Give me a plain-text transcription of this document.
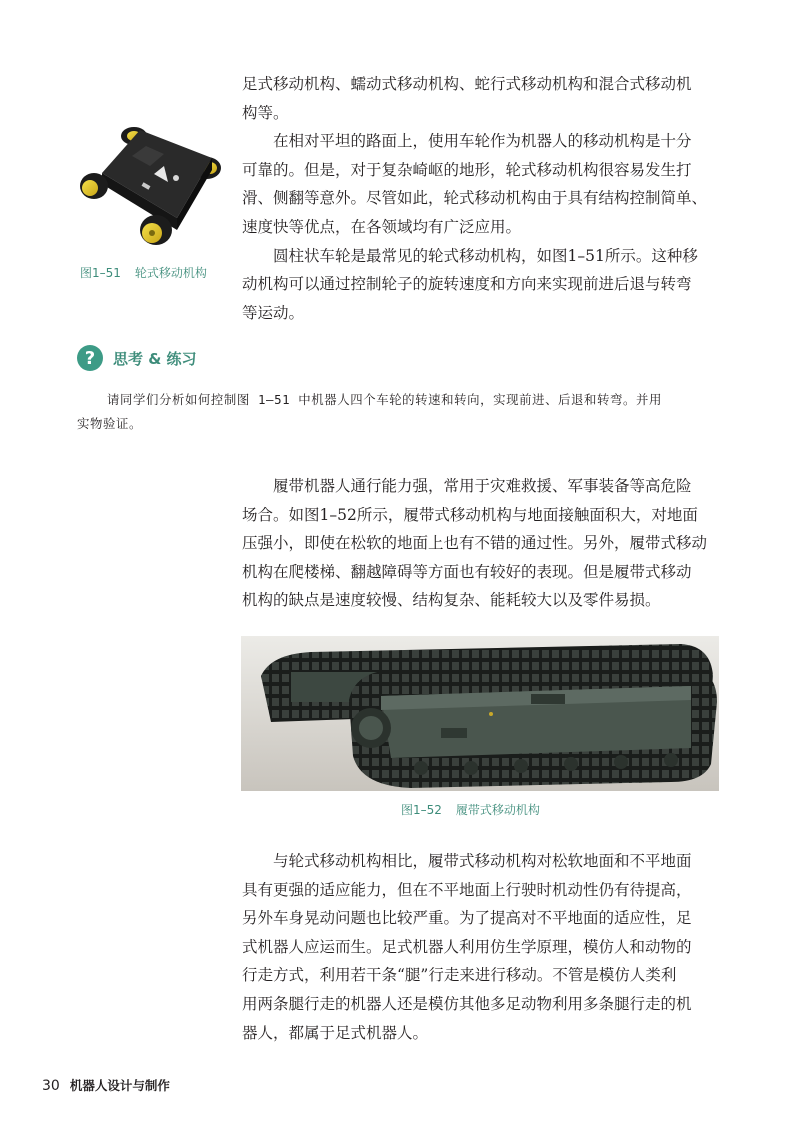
足式移动机构、蠕动式移动机构、蛇行式移动机构和混合式移动机
构等。
在相对平坦的路面上，使用车轮作为机器人的移动机构是十分
可靠的。但是，对于复杂崎岖的地形，轮式移动机构很容易发生打
滑、侧翻等意外。尽管如此，轮式移动机构由于具有结构控制简单、
速度快等优点，在各领域均有广泛应用。
圆柱状车轮是最常见的轮式移动机构，如图1–51所示。这种移
动机构可以通过控制轮子的旋转速度和方向来实现前进后退与转弯
等运动。
图1–51 轮式移动机构
?	思考 & 练习
请同学们分析如何控制图 1–51 中机器人四个车轮的转速和转向，实现前进、后退和转弯。并用
实物验证。
履带机器人通行能力强，常用于灾难救援、军事装备等高危险
场合。如图1–52所示，履带式移动机构与地面接触面积大，对地面
压强小，即使在松软的地面上也有不错的通过性。另外，履带式移动
机构在爬楼梯、翻越障碍等方面也有较好的表现。但是履带式移动
机构的缺点是速度较慢、结构复杂、能耗较大以及零件易损。
图1–52 履带式移动机构
与轮式移动机构相比，履带式移动机构对松软地面和不平地面
具有更强的适应能力，但在不平地面上行驶时机动性仍有待提高，
另外车身晃动问题也比较严重。为了提高对不平地面的适应性，足
式机器人应运而生。足式机器人利用仿生学原理，模仿人和动物的
行走方式，利用若干条“腿”行走来进行移动。不管是模仿人类利
用两条腿行走的机器人还是模仿其他多足动物利用多条腿行走的机
器人，都属于足式机器人。
30 机器人设计与制作
